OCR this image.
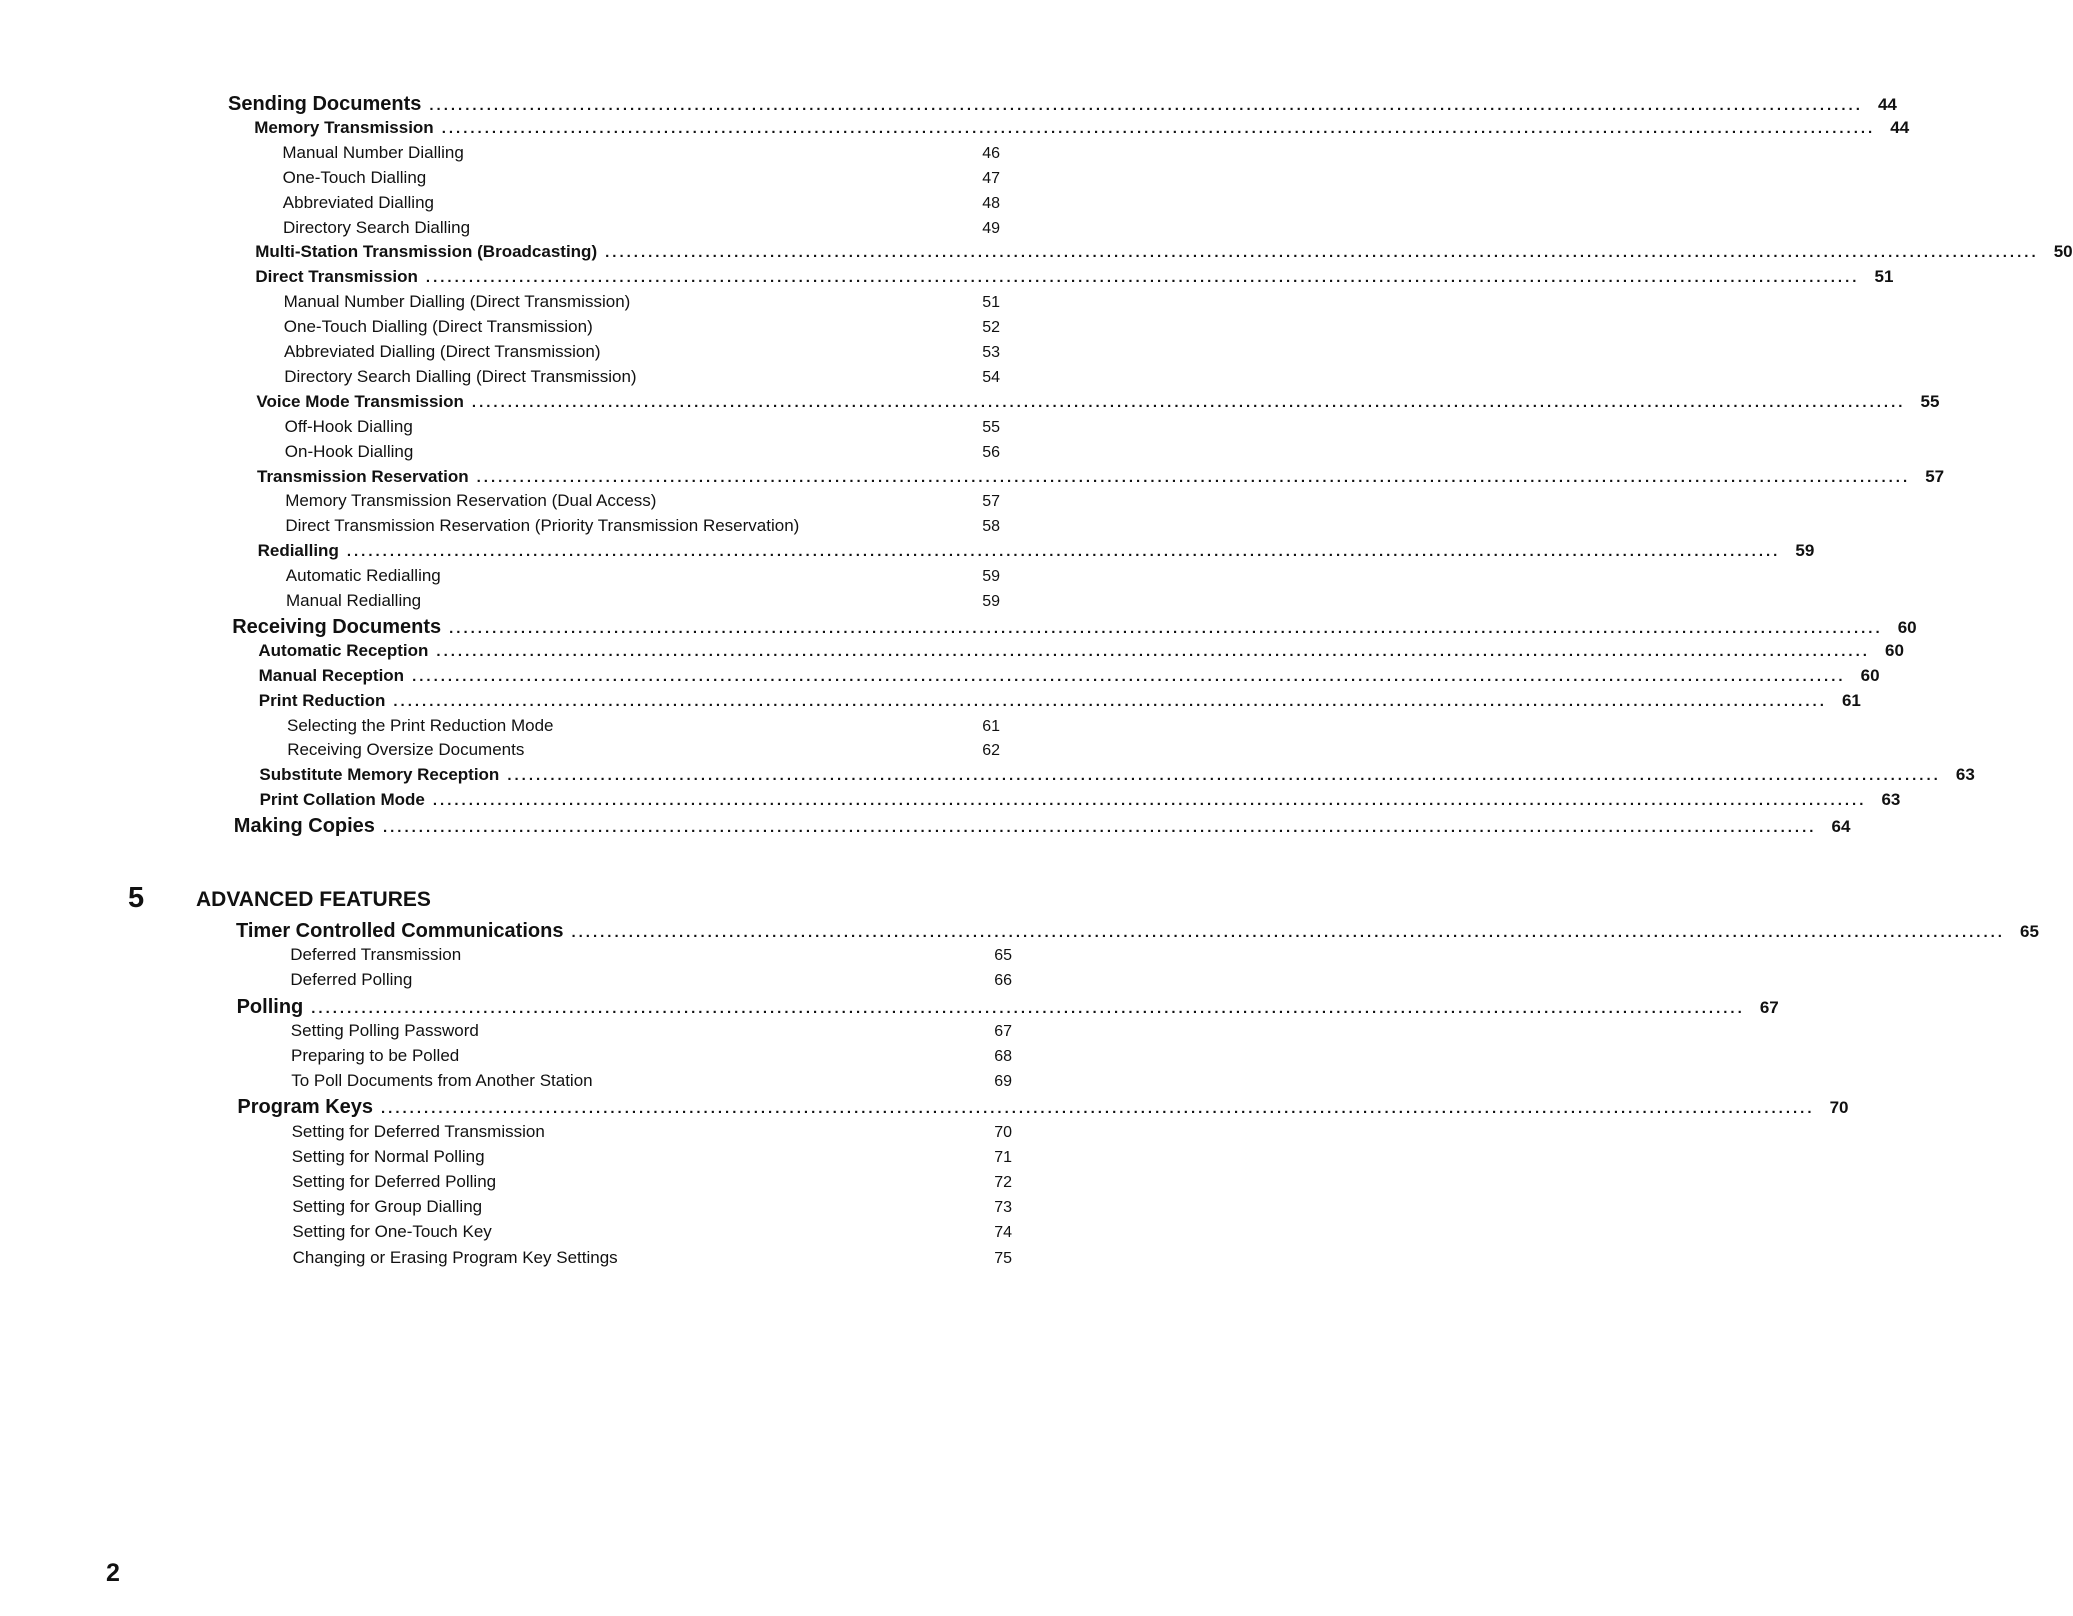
Sending Documents ........................................................................................................................................................................................................ 44
Memory Transmission ........................................................................................................................................................................................................ 44
Manual Number Dialling	46
One-Touch Dialling	47
Abbreviated Dialling	48
Directory Search Dialling	49
Multi-Station Transmission (Broadcasting) ........................................................................................................................................................................................................ 50
Direct Transmission ........................................................................................................................................................................................................ 51
Manual Number Dialling (Direct Transmission)	51
One-Touch Dialling (Direct Transmission)	52
Abbreviated Dialling (Direct Transmission)	53
Directory Search Dialling (Direct Transmission)	54
Voice Mode Transmission ........................................................................................................................................................................................................ 55
Off-Hook Dialling	55
On-Hook Dialling	56
Transmission Reservation ........................................................................................................................................................................................................ 57
Memory Transmission Reservation (Dual Access)	57
Direct Transmission Reservation (Priority Transmission Reservation)	58
Redialling ........................................................................................................................................................................................................ 59
Automatic Redialling	59
Manual Redialling	59
Receiving Documents ........................................................................................................................................................................................................ 60
Automatic Reception ........................................................................................................................................................................................................ 60
Manual Reception ........................................................................................................................................................................................................ 60
Print Reduction ........................................................................................................................................................................................................ 61
Selecting the Print Reduction Mode	61
Receiving Oversize Documents	62
Substitute Memory Reception ........................................................................................................................................................................................................ 63
Print Collation Mode ........................................................................................................................................................................................................ 63
Making Copies ........................................................................................................................................................................................................ 64
5 ADVANCED FEATURES
Timer Controlled Communications ........................................................................................................................................................................................................ 65
Deferred Transmission	65
Deferred Polling	66
Polling ........................................................................................................................................................................................................ 67
Setting Polling Password	67
Preparing to be Polled	68
To Poll Documents from Another Station	69
Program Keys ........................................................................................................................................................................................................ 70
Setting for Deferred Transmission	70
Setting for Normal Polling	71
Setting for Deferred Polling	72
Setting for Group Dialling	73
Setting for One-Touch Key	74
Changing or Erasing Program Key Settings	75
2
